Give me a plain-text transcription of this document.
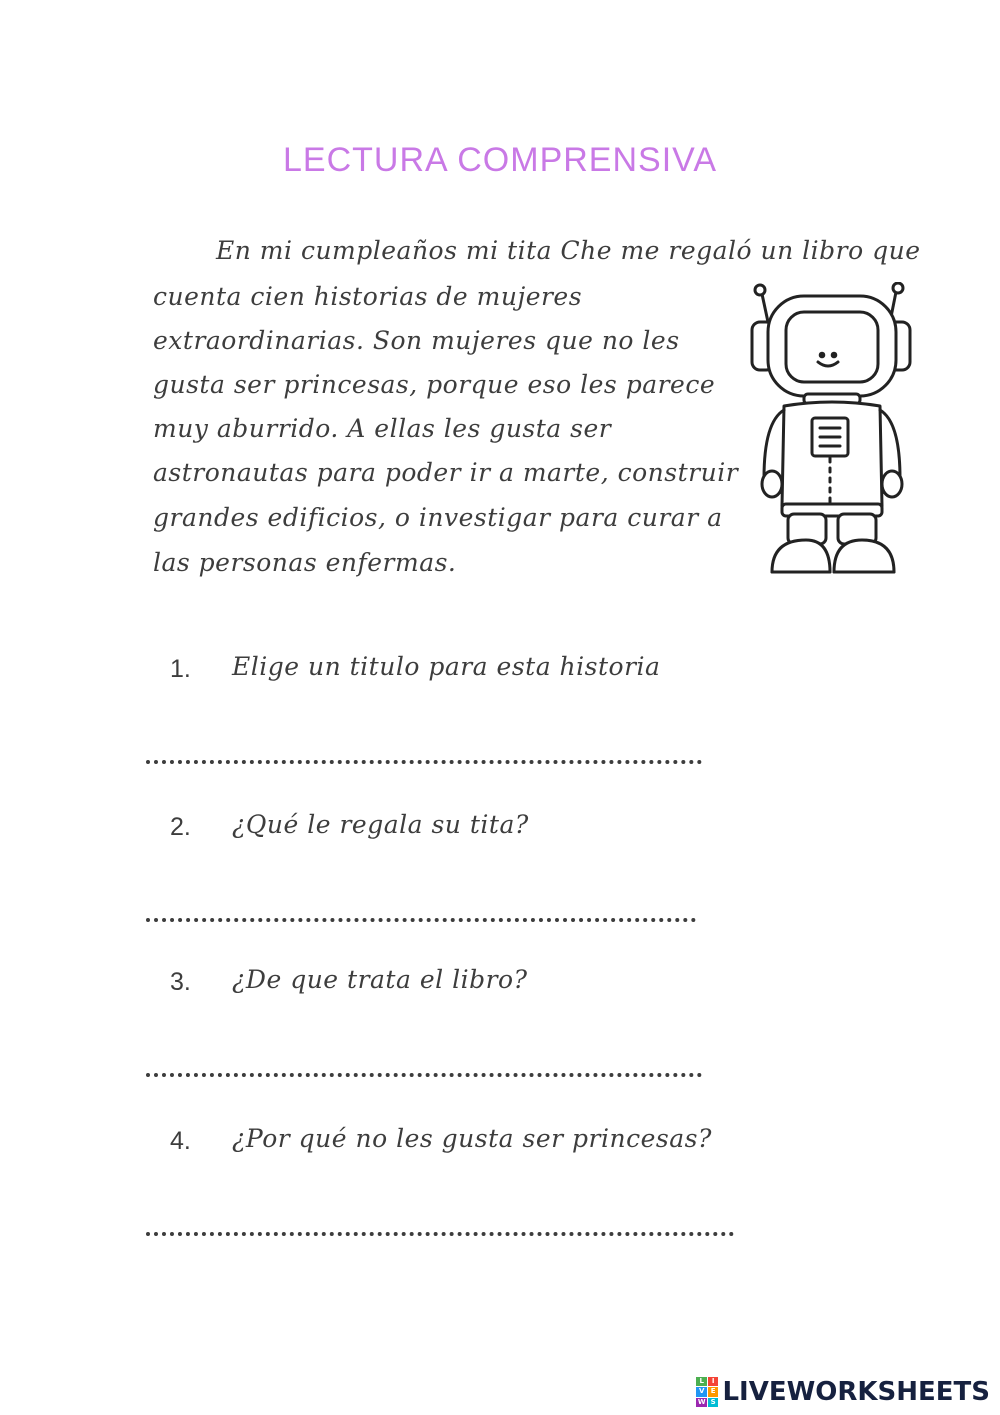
LECTURA COMPRENSIVA
En mi cumpleaños mi tita Che me regaló un libro que
cuenta cien historias de mujeres
extraordinarias. Son mujeres que no les
gusta ser princesas, porque eso les parece
muy aburrido. A ellas les gusta ser
astronautas para poder ir a marte, construir
grandes edificios, o investigar para curar a
las personas enfermas.
1. Elige un titulo para esta historia
2. ¿Qué le regala su tita?
3. ¿De que trata el libro?
4. ¿Por qué no les gusta ser princesas?
L	I
V E
W S LIVEWORKSHEETS
